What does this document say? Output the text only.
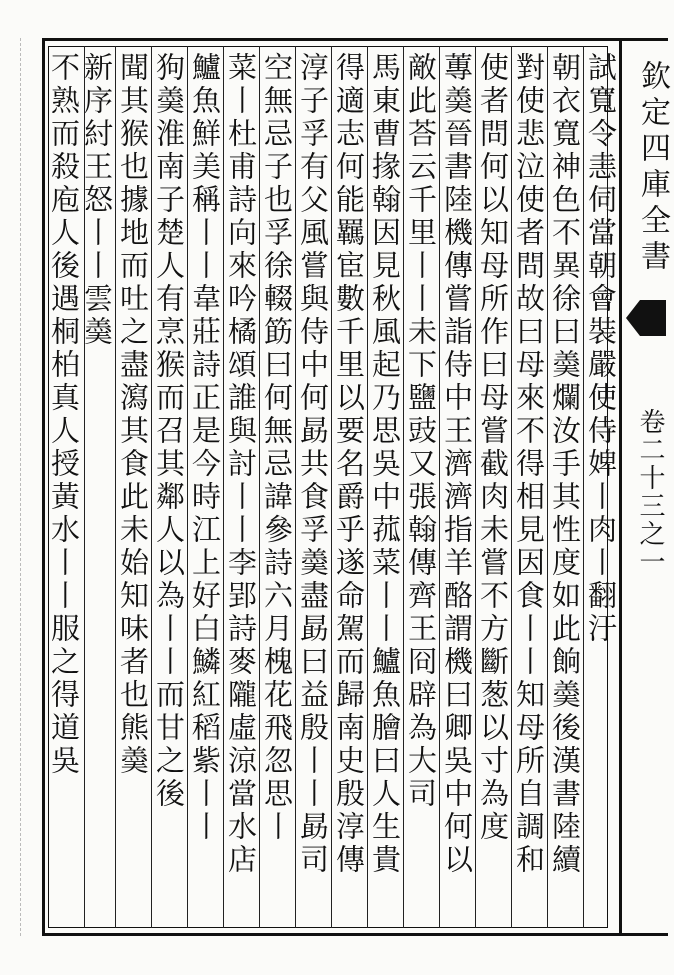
欽定四庫全書
卷二十三之一
試寬令恚伺當朝會裝嚴使侍婢丨肉丨翻汙
朝衣寬神色不異徐曰羮爛汝手其性度如此餉羮後漢書陸續
對使悲泣使者問故曰母來不得相見因食丨丨知母所自調和
使者問何以知母所作曰母嘗截肉未嘗不方斷葱以寸為度
蓴羮晉書陸機傳嘗詣侍中王濟濟指羊酪謂機曰卿吳中何以
敵此荅云千里丨丨未下鹽豉又張翰傳齊王冏辟為大司
馬東曹掾翰因見秋風起乃思吳中菰菜丨丨鱸魚膾曰人生貴
得適志何能羈宦數千里以要名爵乎遂命駕而歸南史殷淳傳
淳子孚有父風嘗與侍中何勗共食孚羮盡勗曰益殷丨丨勗司
空無忌子也孚徐輟筯曰何無忌諱參詩六月槐花飛忽思丨
菜丨杜甫詩向來吟橘頌誰與討丨丨李郢詩麥隴虛涼當水店
鱸魚鮮美稱丨丨韋莊詩正是今時江上好白鱗紅稻紫丨丨
狗羮淮南子楚人有烹猴而召其鄰人以為丨丨而甘之後
聞其猴也據地而吐之盡瀉其食此未始知味者也熊羮
新序紂王怒丨丨雲羮
不熟而殺庖人後遇桐柏真人授黃水丨丨服之得道吳
